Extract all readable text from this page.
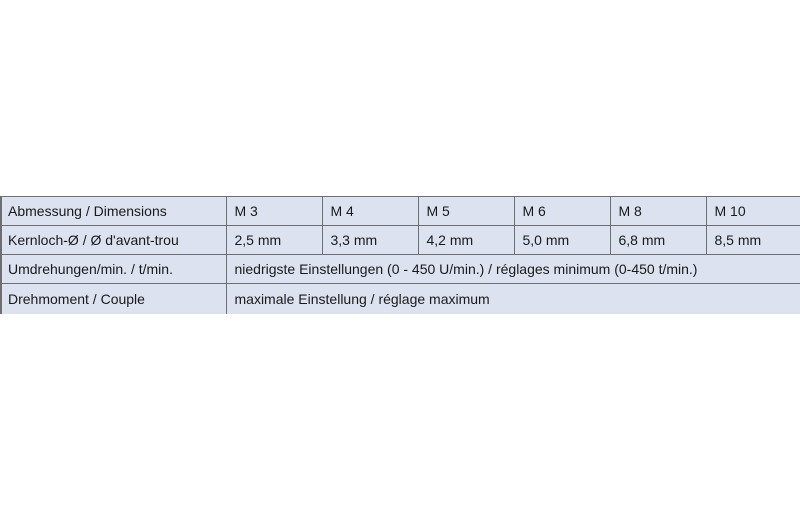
Abmessung / Dimensions	M 3	M 4	M 5	M 6	M 8	M 10
Kernloch-Ø / Ø d'avant-trou	2,5 mm	3,3 mm	4,2 mm	5,0 mm	6,8 mm	8,5 mm
Umdrehungen/min. / t/min.	niedrigste Einstellungen (0 - 450 U/min.) / réglages minimum (0-450 t/min.)					
Drehmoment / Couple	maximale Einstellung / réglage maximum					
